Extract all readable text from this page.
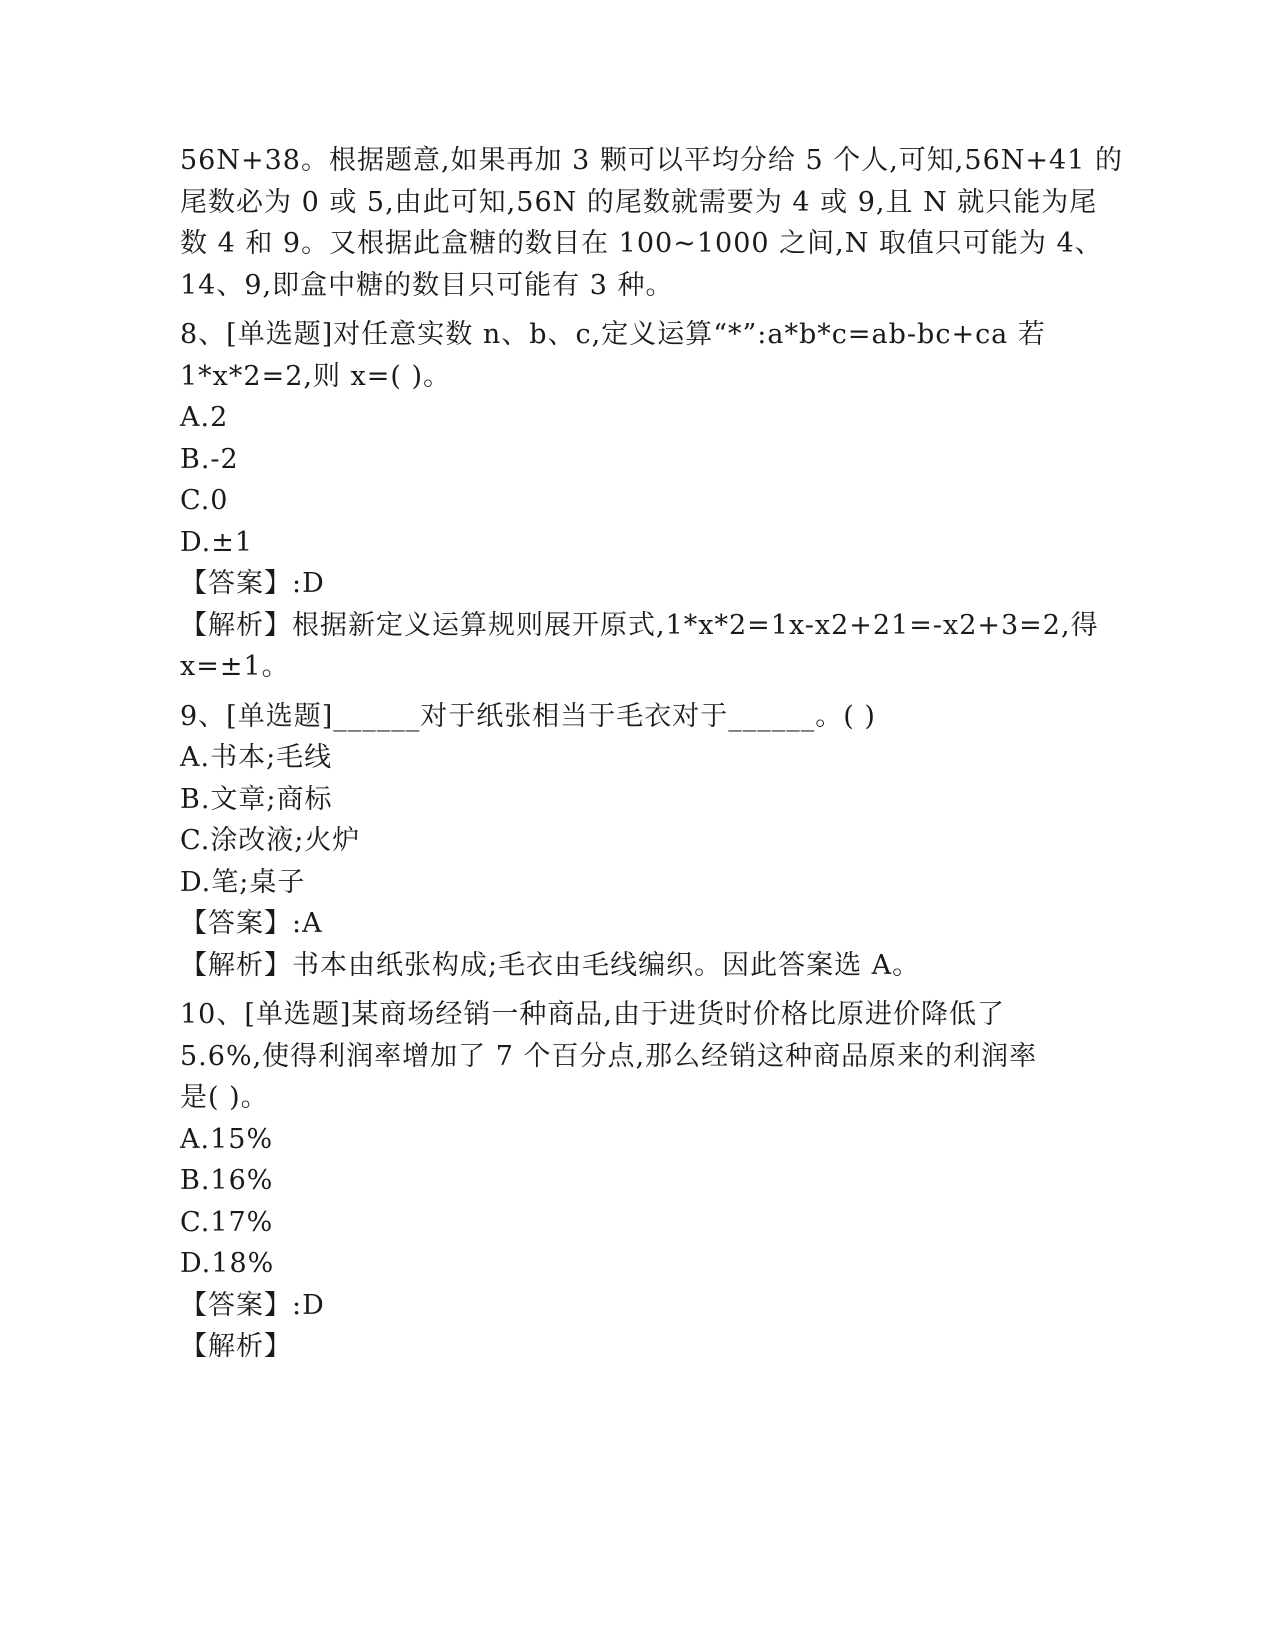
56N+38。根据题意,如果再加 3 颗可以平均分给 5 个人,可知,56N+41 的
尾数必为 0 或 5,由此可知,56N 的尾数就需要为 4 或 9,且 N 就只能为尾
数 4 和 9。又根据此盒糖的数目在 100~1000 之间,N 取值只可能为 4、
14、9,即盒中糖的数目只可能有 3 种。
8、[单选题]对任意实数 n、b、c,定义运算“*”:a*b*c=ab-bc+ca 若
1*x*2=2,则 x=( )。
A.2
B.-2
C.0
D.±1
【答案】:D
【解析】根据新定义运算规则展开原式,1*x*2=1x-x2+21=-x2+3=2,得
x=±1。
9、[单选题]______对于纸张相当于毛衣对于______。( )
A.书本;毛线
B.文章;商标
C.涂改液;火炉
D.笔;桌子
【答案】:A
【解析】书本由纸张构成;毛衣由毛线编织。因此答案选 A。
10、[单选题]某商场经销一种商品,由于进货时价格比原进价降低了
5.6%,使得利润率增加了 7 个百分点,那么经销这种商品原来的利润率
是( )。
A.15%
B.16%
C.17%
D.18%
【答案】:D
【解析】
